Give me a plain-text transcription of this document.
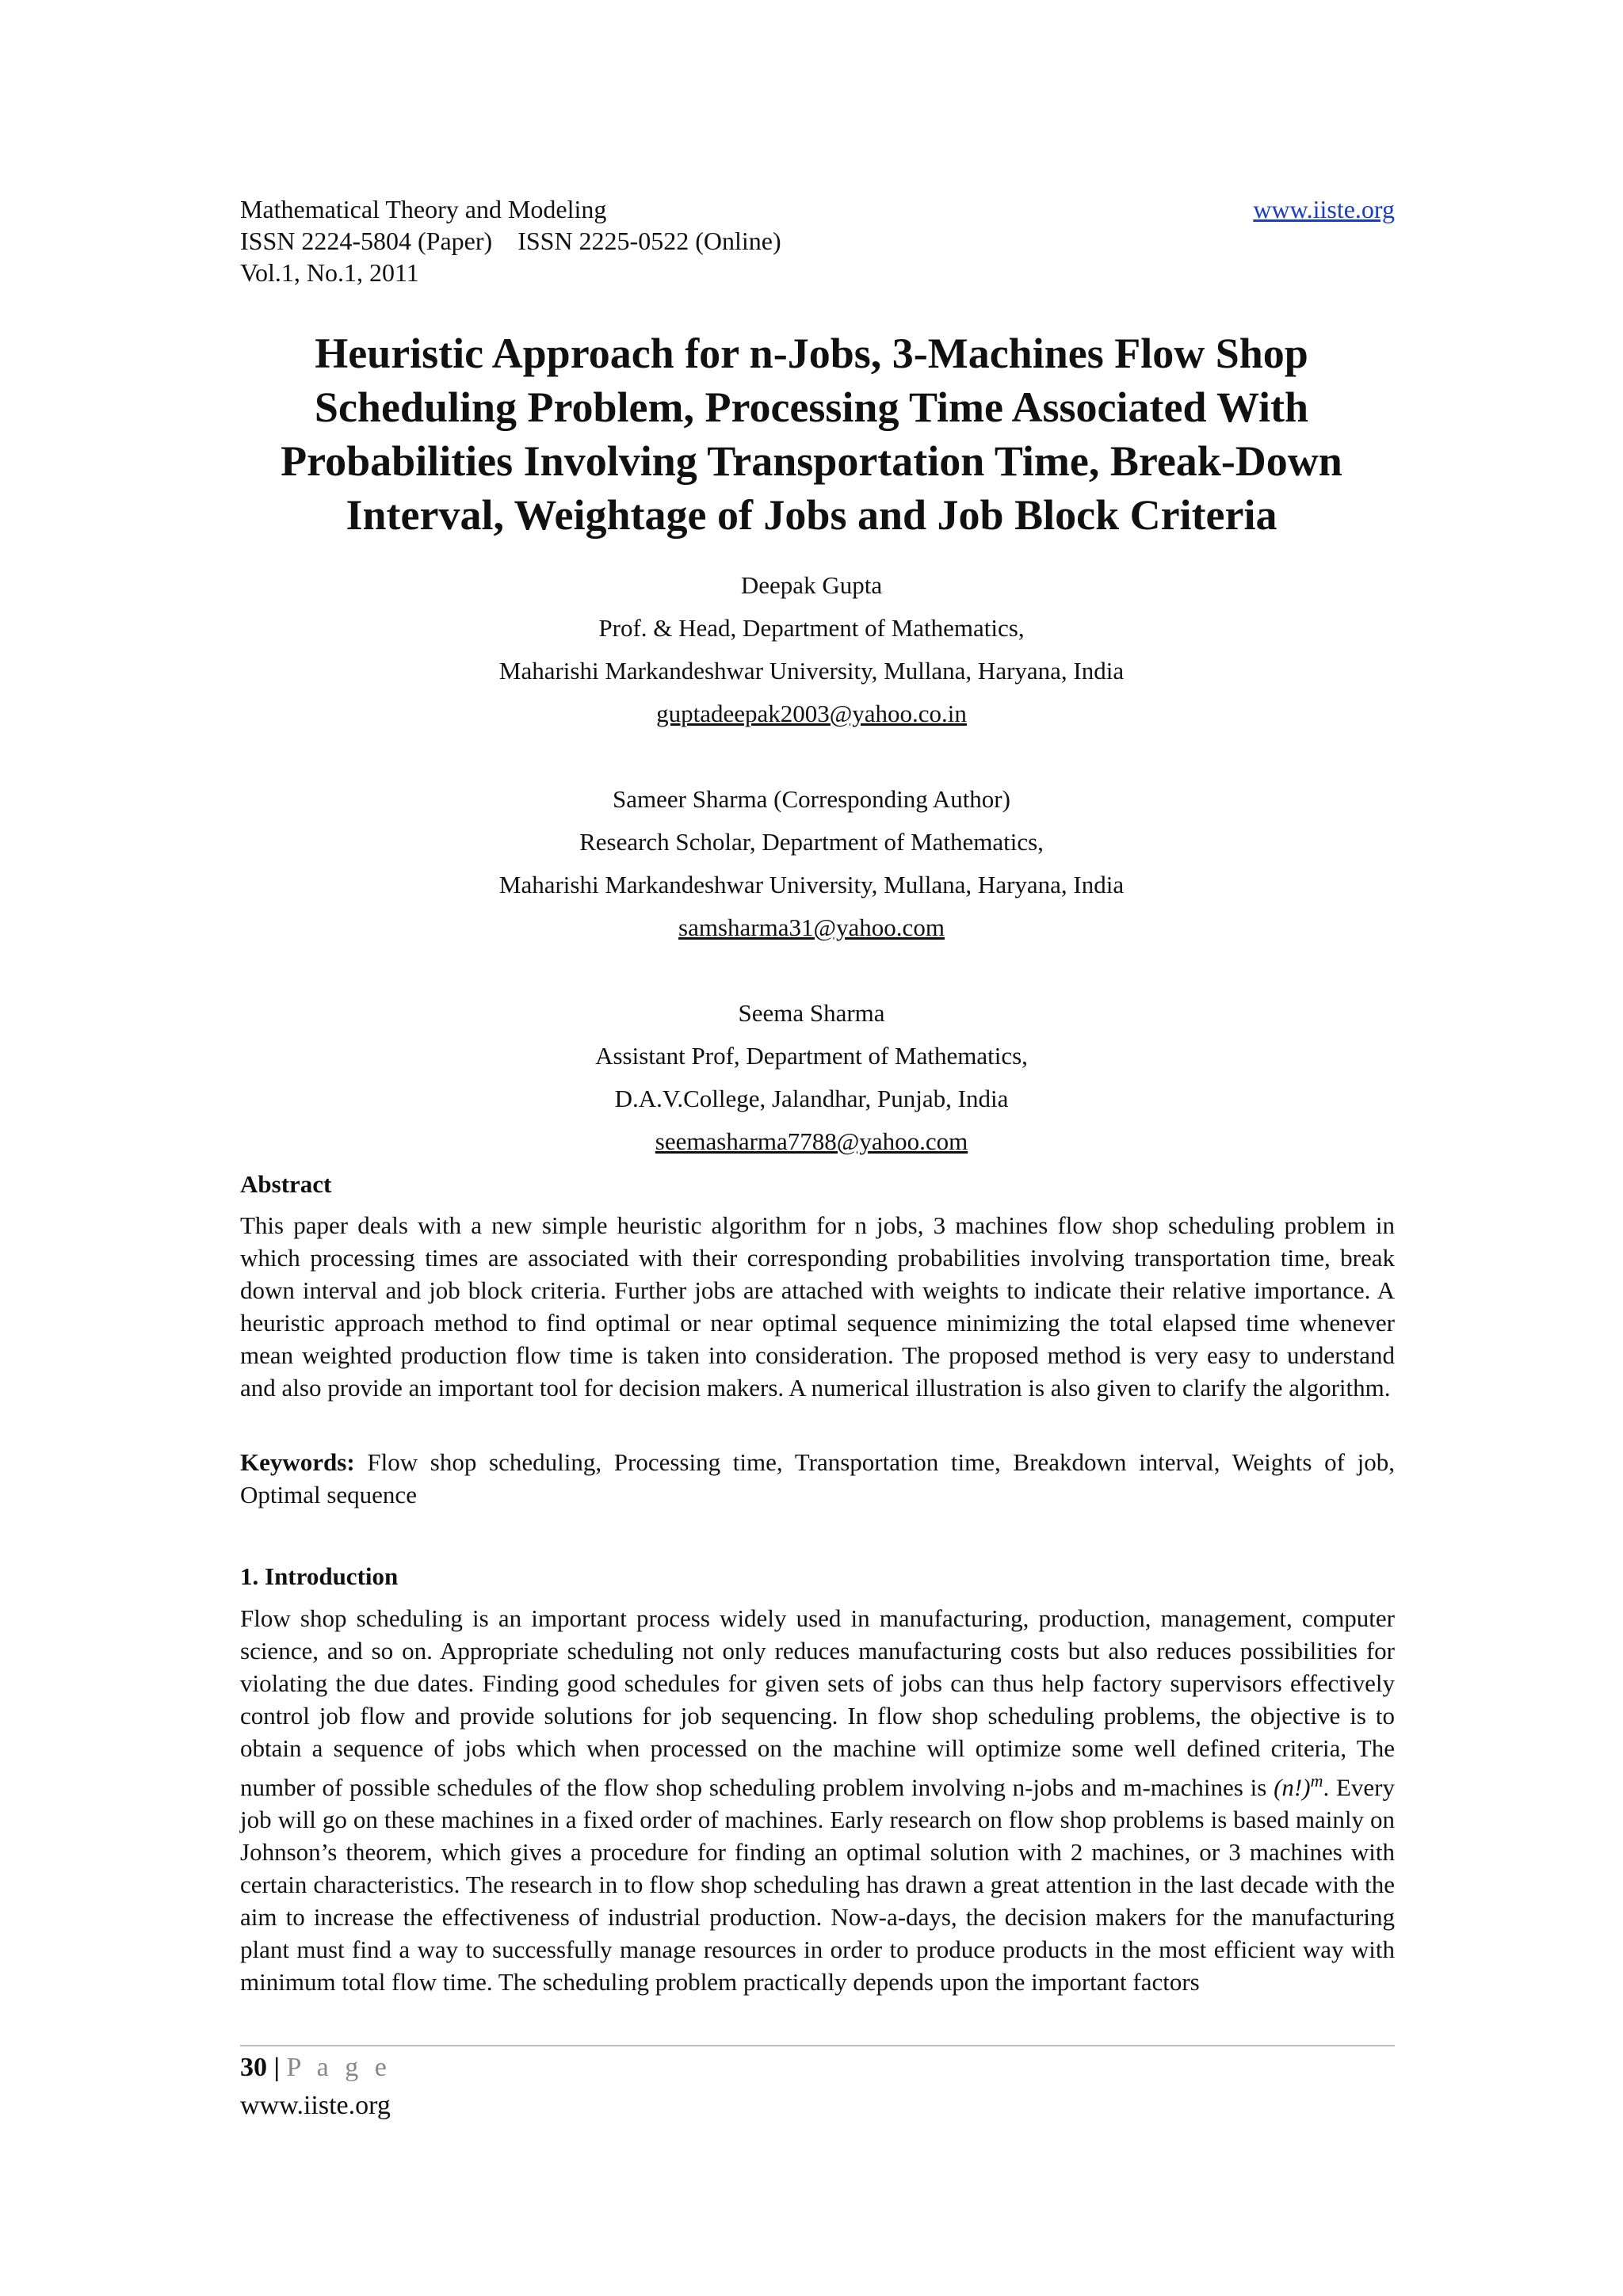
Mathematical Theory and Modeling
ISSN 2224-5804 (Paper)    ISSN 2225-0522 (Online)
Vol.1, No.1, 2011
www.iiste.org
Heuristic Approach for n-Jobs, 3-Machines Flow Shop
Scheduling Problem, Processing Time Associated With
Probabilities Involving Transportation Time, Break-Down
Interval, Weightage of Jobs and Job Block Criteria
Deepak Gupta
Prof. & Head, Department of Mathematics,
Maharishi Markandeshwar University, Mullana, Haryana, India
guptadeepak2003@yahoo.co.in
Sameer Sharma (Corresponding Author)
Research Scholar, Department of Mathematics,
Maharishi Markandeshwar University, Mullana, Haryana, India
samsharma31@yahoo.com
Seema Sharma
Assistant Prof, Department of Mathematics,
D.A.V.College, Jalandhar, Punjab, India
seemasharma7788@yahoo.com
Abstract
This paper deals with a new simple heuristic algorithm for n jobs, 3 machines flow shop scheduling problem in which processing times are associated with their corresponding probabilities involving transportation time, break down interval and job block criteria. Further jobs are attached with weights to indicate their relative importance. A heuristic approach method to find optimal or near optimal sequence minimizing the total elapsed time whenever mean weighted production flow time is taken into consideration. The proposed method is very easy to understand and also provide an important tool for decision makers. A numerical illustration is also given to clarify the algorithm.
Keywords: Flow shop scheduling, Processing time, Transportation time, Breakdown interval, Weights of job, Optimal sequence
1. Introduction
Flow shop scheduling is an important process widely used in manufacturing, production, management, computer science, and so on. Appropriate scheduling not only reduces manufacturing costs but also reduces possibilities for violating the due dates. Finding good schedules for given sets of jobs can thus help factory supervisors effectively control job flow and provide solutions for job sequencing. In flow shop scheduling problems, the objective is to obtain a sequence of jobs which when processed on the machine will optimize some well defined criteria, The number of possible schedules of the flow shop scheduling problem involving n-jobs and m-machines is $(n!)^m$. Every job will go on these machines in a fixed order of machines. Early research on flow shop problems is based mainly on Johnson’s theorem, which gives a procedure for finding an optimal solution with 2 machines, or 3 machines with certain characteristics. The research in to flow shop scheduling has drawn a great attention in the last decade with the aim to increase the effectiveness of industrial production. Now-a-days, the decision makers for the manufacturing plant must find a way to successfully manage resources in order to produce products in the most efficient way with minimum total flow time. The scheduling problem practically depends upon the important factors
30 | P a g e
www.iiste.org
